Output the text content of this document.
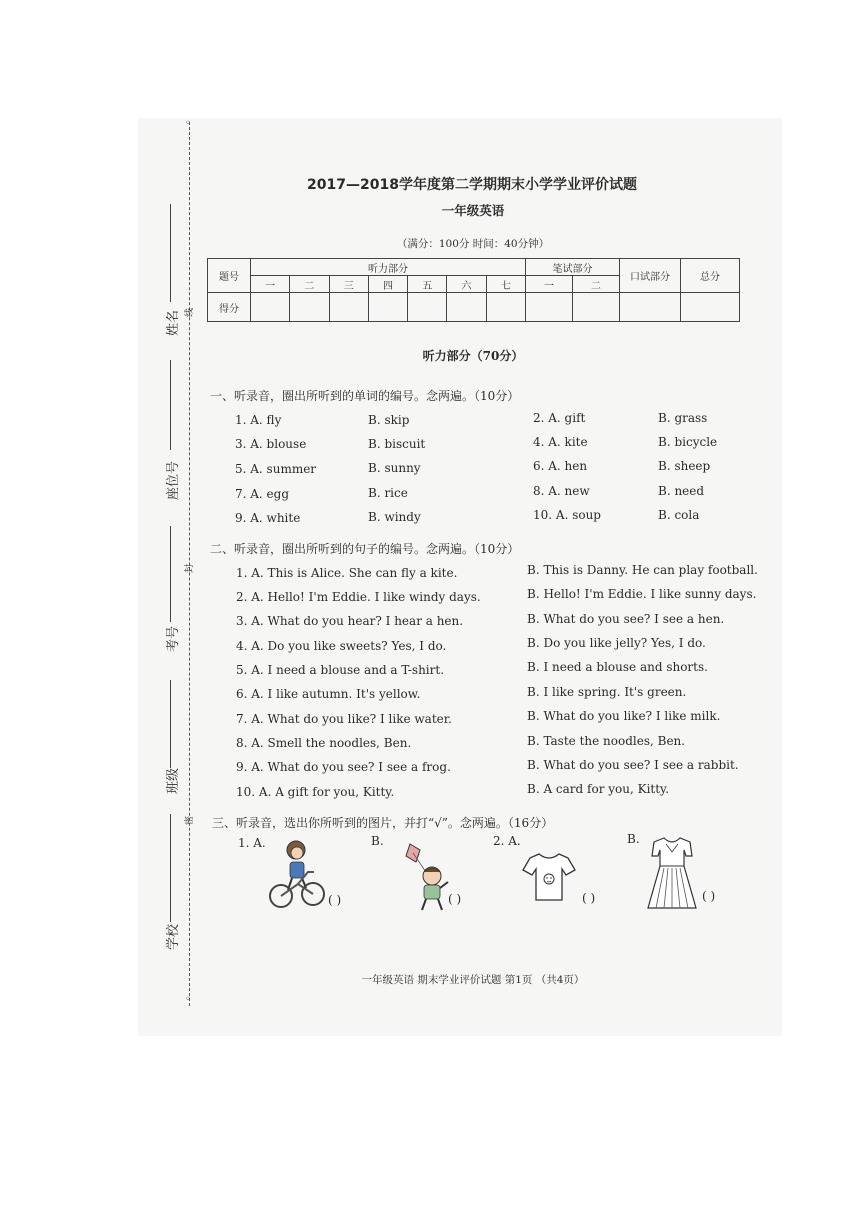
◦
◦
姓名 线
座位号
考号
封
班级
密
学校
2017—2018学年度第二学期期末小学学业评价试题
一年级英语
（满分：100分 时间：40分钟）
题号	听力部分							笔试部分		口试部分	总分
	一	二	三	四	五	六	七	一	二		
得分											
听力部分（70分）
一、听录音，圈出所听到的单词的编号。念两遍。（10分）
1. A. fly	B. skip	2. A. gift	B. grass
3. A. blouse	B. biscuit	4. A. kite	B. bicycle
5. A. summer	B. sunny	6. A. hen	B. sheep
7. A. egg	B. rice	8. A. new	B. need
9. A. white	B. windy	10. A. soup	B. cola
二、听录音，圈出所听到的句子的编号。念两遍。（10分）
1. A. This is Alice. She can fly a kite.	B. This is Danny. He can play football.
2. A. Hello! I'm Eddie. I like windy days.	B. Hello! I'm Eddie. I like sunny days.
3. A. What do you hear? I hear a hen.	B. What do you see? I see a hen.
4. A. Do you like sweets? Yes, I do.	B. Do you like jelly? Yes, I do.
5. A. I need a blouse and a T-shirt.	B. I need a blouse and shorts.
6. A. I like autumn. It's yellow.	B. I like spring. It's green.
7. A. What do you like? I like water.	B. What do you like? I like milk.
8. A. Smell the noodles, Ben.	B. Taste the noodles, Ben.
9. A. What do you see? I see a frog.	B. What do you see? I see a rabbit.
10. A. A gift for you, Kitty.	B. A card for you, Kitty.
三、听录音，选出你所听到的图片，并打“√”。念两遍。（16分）
1. A.	B.	2. A.	B.
( )	( )	( )	( )
一年级英语 期末学业评价试题 第1页 （共4页）
